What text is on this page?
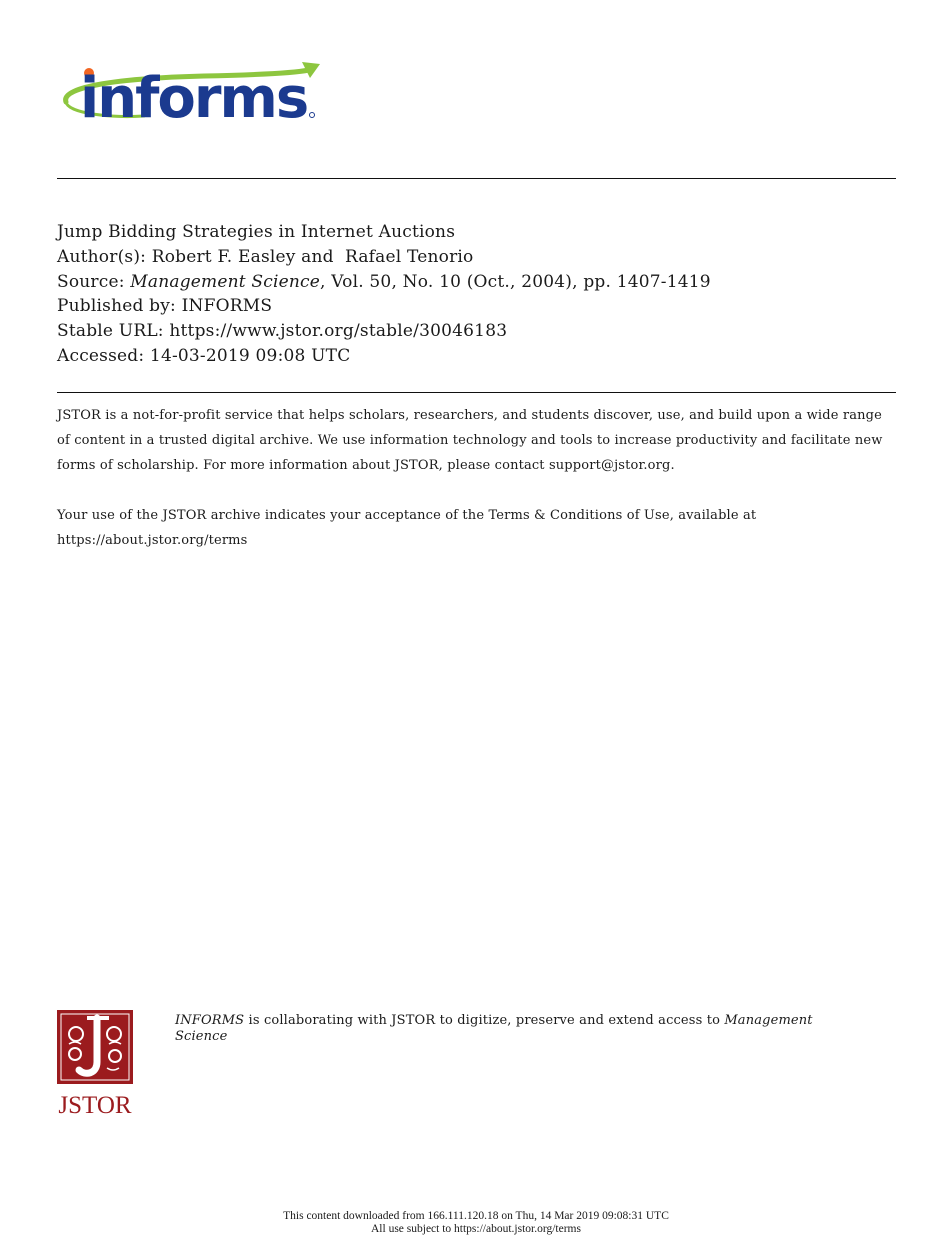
informs
Jump Bidding Strategies in Internet Auctions
Author(s): Robert F. Easley and  Rafael Tenorio
Source: Management Science, Vol. 50, No. 10 (Oct., 2004), pp. 1407-1419
Published by: INFORMS
Stable URL: https://www.jstor.org/stable/30046183
Accessed: 14-03-2019 09:08 UTC

JSTOR is a not-for-profit service that helps scholars, researchers, and students discover, use, and build upon a wide range of content in a trusted digital archive. We use information technology and tools to increase productivity and facilitate new forms of scholarship. For more information about JSTOR, please contact support@jstor.org.

Your use of the JSTOR archive indicates your acceptance of the Terms & Conditions of Use, available at https://about.jstor.org/terms

JSTOR
INFORMS is collaborating with JSTOR to digitize, preserve and extend access to Management Science
This content downloaded from 166.111.120.18 on Thu, 14 Mar 2019 09:08:31 UTC
All use subject to https://about.jstor.org/terms
